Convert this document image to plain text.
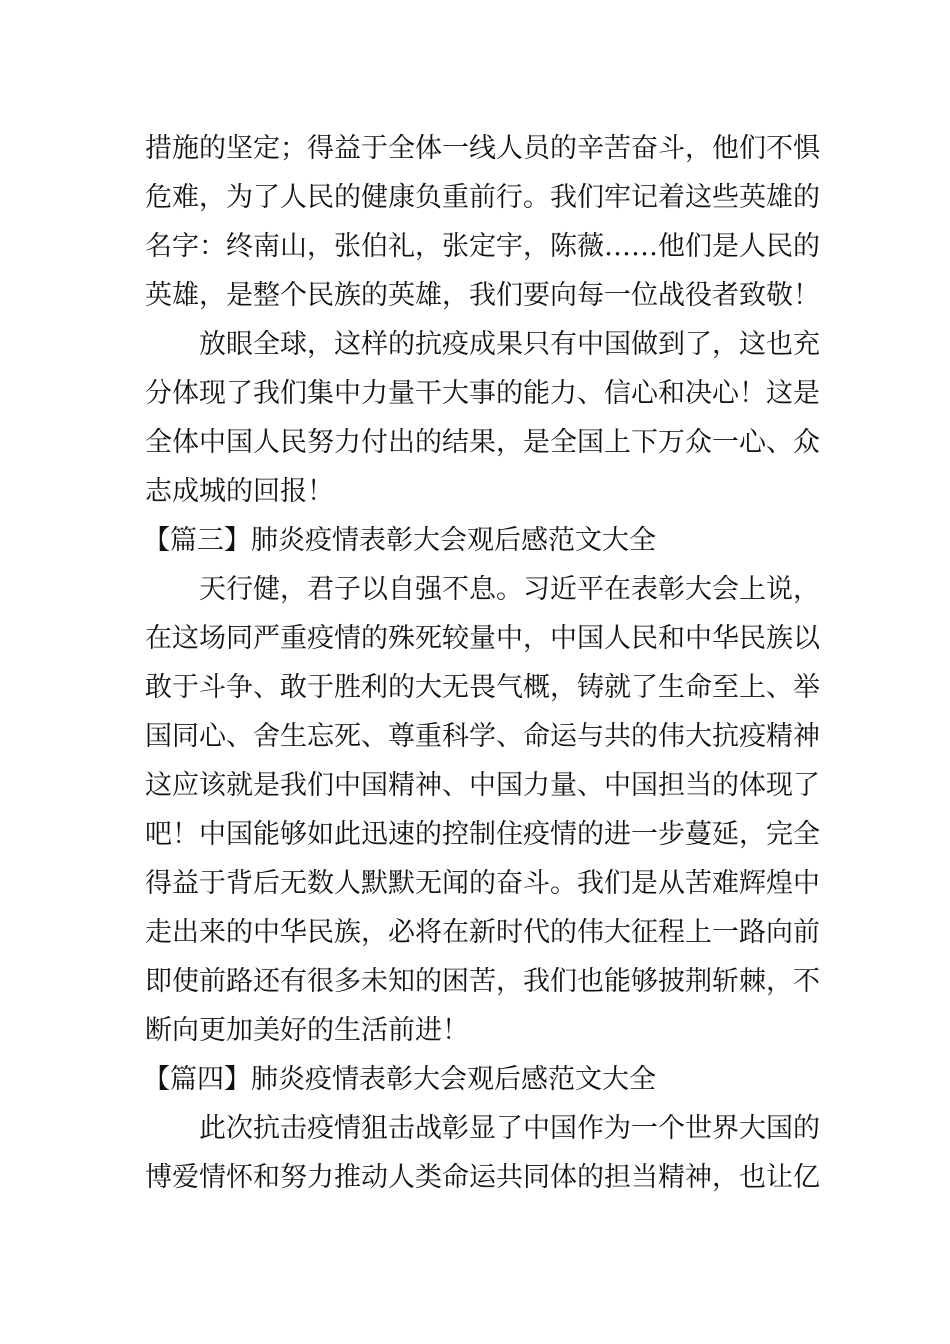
措施的坚定；得益于全体一线人员的辛苦奋斗，他们不惧
危难，为了人民的健康负重前行。我们牢记着这些英雄的
名字：终南山，张伯礼，张定宇，陈薇……他们是人民的
英雄，是整个民族的英雄，我们要向每一位战役者致敬！
放眼全球，这样的抗疫成果只有中国做到了，这也充
分体现了我们集中力量干大事的能力、信心和决心！这是
全体中国人民努力付出的结果，是全国上下万众一心、众
志成城的回报！
【篇三】肺炎疫情表彰大会观后感范文大全
天行健，君子以自强不息。习近平在表彰大会上说，
在这场同严重疫情的殊死较量中，中国人民和中华民族以
敢于斗争、敢于胜利的大无畏气概，铸就了生命至上、举
国同心、舍生忘死、尊重科学、命运与共的伟大抗疫精神
这应该就是我们中国精神、中国力量、中国担当的体现了
吧！中国能够如此迅速的控制住疫情的进一步蔓延，完全
得益于背后无数人默默无闻的奋斗。我们是从苦难辉煌中
走出来的中华民族，必将在新时代的伟大征程上一路向前
即使前路还有很多未知的困苦，我们也能够披荆斩棘，不
断向更加美好的生活前进！
【篇四】肺炎疫情表彰大会观后感范文大全
此次抗击疫情狙击战彰显了中国作为一个世界大国的
博爱情怀和努力推动人类命运共同体的担当精神，也让亿
